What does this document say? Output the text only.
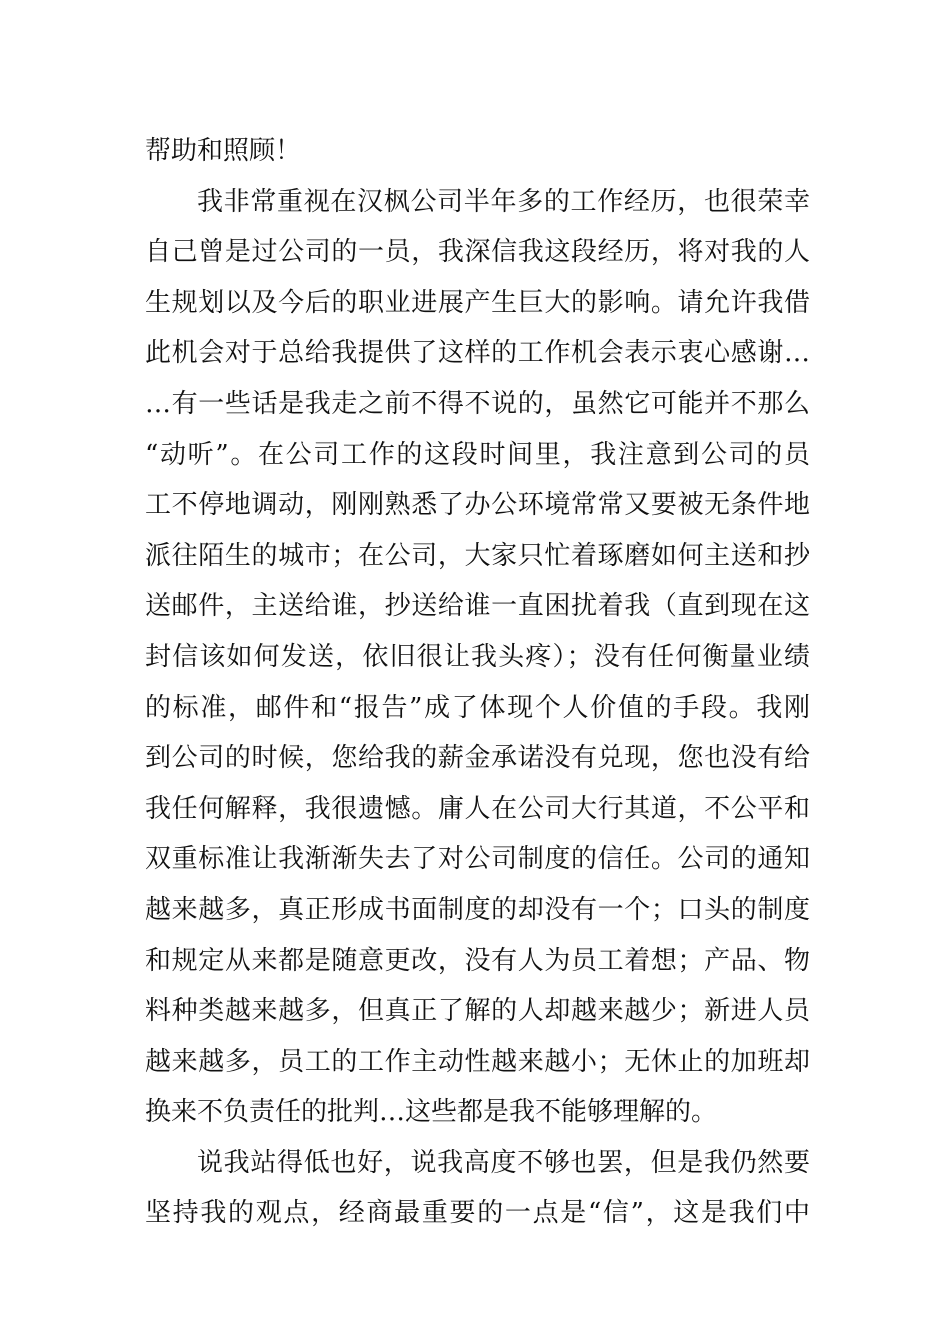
帮助和照顾！
我非常重视在汉枫公司半年多的工作经历，也很荣幸
自己曾是过公司的一员，我深信我这段经历，将对我的人
生规划以及今后的职业进展产生巨大的影响。请允许我借
此机会对于总给我提供了这样的工作机会表示衷心感谢…
…有一些话是我走之前不得不说的，虽然它可能并不那么
“动听”。在公司工作的这段时间里，我注意到公司的员
工不停地调动，刚刚熟悉了办公环境常常又要被无条件地
派往陌生的城市；在公司，大家只忙着琢磨如何主送和抄
送邮件，主送给谁，抄送给谁一直困扰着我（直到现在这
封信该如何发送，依旧很让我头疼）；没有任何衡量业绩
的标准，邮件和“报告”成了体现个人价值的手段。我刚
到公司的时候，您给我的薪金承诺没有兑现，您也没有给
我任何解释，我很遗憾。庸人在公司大行其道，不公平和
双重标准让我渐渐失去了对公司制度的信任。公司的通知
越来越多，真正形成书面制度的却没有一个；口头的制度
和规定从来都是随意更改，没有人为员工着想；产品、物
料种类越来越多，但真正了解的人却越来越少；新进人员
越来越多，员工的工作主动性越来越小；无休止的加班却
换来不负责任的批判…这些都是我不能够理解的。
说我站得低也好，说我高度不够也罢，但是我仍然要
坚持我的观点，经商最重要的一点是“信”，这是我们中
